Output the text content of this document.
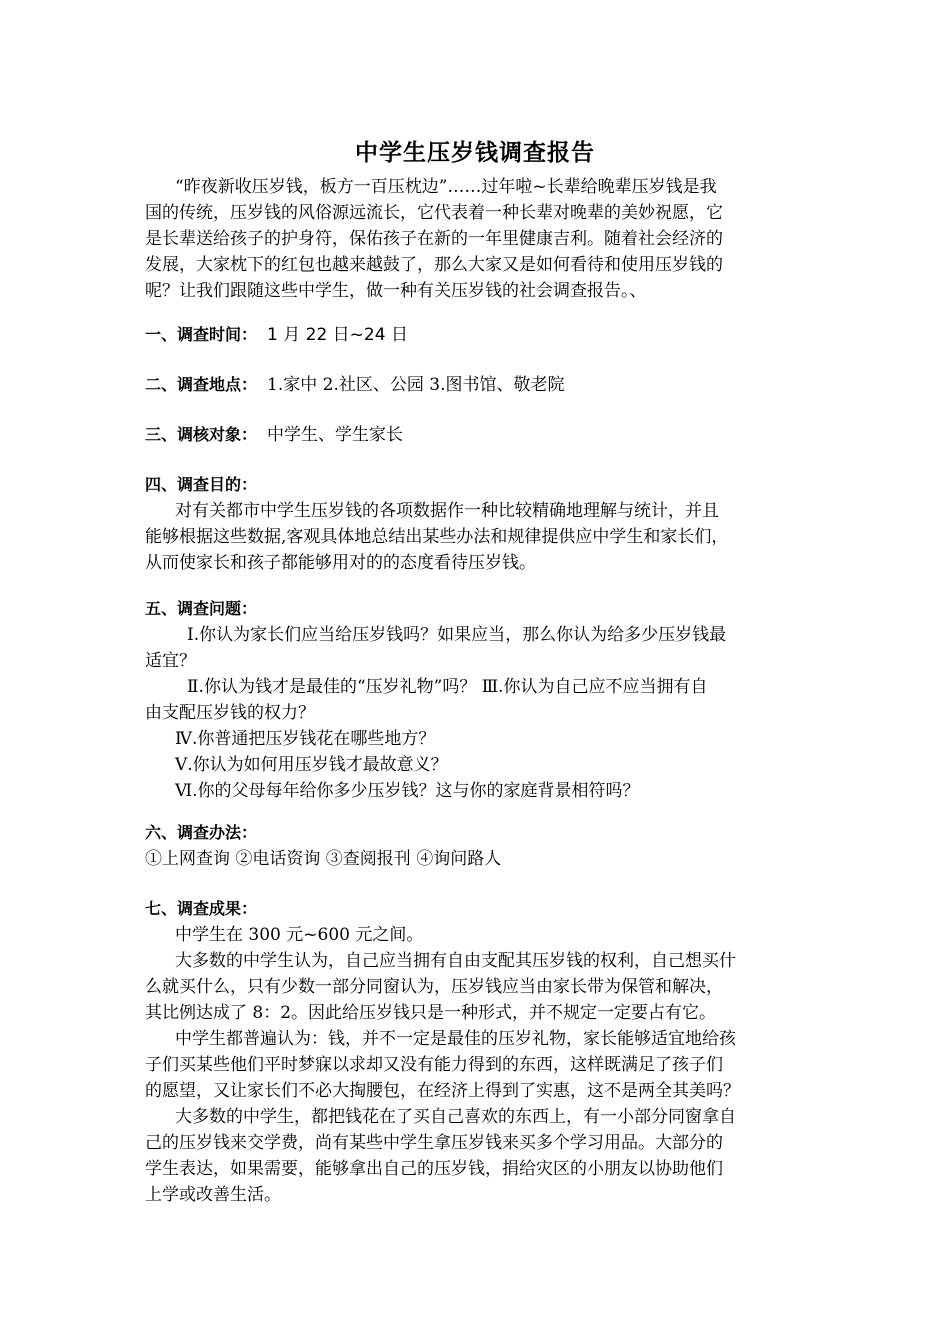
中学生压岁钱调查报告
“昨夜新收压岁钱，板方一百压枕边”……过年啦~长辈给晚辈压岁钱是我
国的传统，压岁钱的风俗源远流长，它代表着一种长辈对晚辈的美妙祝愿，它
是长辈送给孩子的护身符，保佑孩子在新的一年里健康吉利。随着社会经济的
发展，大家枕下的红包也越来越鼓了，那么大家又是如何看待和使用压岁钱的
呢？让我们跟随这些中学生，做一种有关压岁钱的社会调查报告。、
一、调查时间： 1 月 22 日~24 日
二、调查地点： 1.家中 2.社区、公园 3.图书馆、敬老院
三、调核对象： 中学生、学生家长
四、调查目的：
对有关都市中学生压岁钱的各项数据作一种比较精确地理解与统计，并且
能够根据这些数据,客观具体地总结出某些办法和规律提供应中学生和家长们，
从而使家长和孩子都能够用对的的态度看待压岁钱。
五、调查问题：
Ⅰ.你认为家长们应当给压岁钱吗？如果应当，那么你认为给多少压岁钱最
适宜？
Ⅱ.你认为钱才是最佳的“压岁礼物”吗？ Ⅲ.你认为自己应不应当拥有自
由支配压岁钱的权力？
Ⅳ.你普通把压岁钱花在哪些地方？
Ⅴ.你认为如何用压岁钱才最故意义？
Ⅵ.你的父母每年给你多少压岁钱？这与你的家庭背景相符吗？
六、调查办法：
①上网查询 ②电话资询 ③查阅报刊 ④询问路人
七、调查成果：
中学生在 300 元~600 元之间。
大多数的中学生认为，自己应当拥有自由支配其压岁钱的权利，自己想买什
么就买什么，只有少数一部分同窗认为，压岁钱应当由家长带为保管和解决，
其比例达成了 8：2。因此给压岁钱只是一种形式，并不规定一定要占有它。
中学生都普遍认为：钱，并不一定是最佳的压岁礼物，家长能够适宜地给孩
子们买某些他们平时梦寐以求却又没有能力得到的东西，这样既满足了孩子们
的愿望，又让家长们不必大掏腰包，在经济上得到了实惠，这不是两全其美吗？
大多数的中学生，都把钱花在了买自己喜欢的东西上，有一小部分同窗拿自
己的压岁钱来交学费，尚有某些中学生拿压岁钱来买多个学习用品。大部分的
学生表达，如果需要，能够拿出自己的压岁钱，捐给灾区的小朋友以协助他们
上学或改善生活。
